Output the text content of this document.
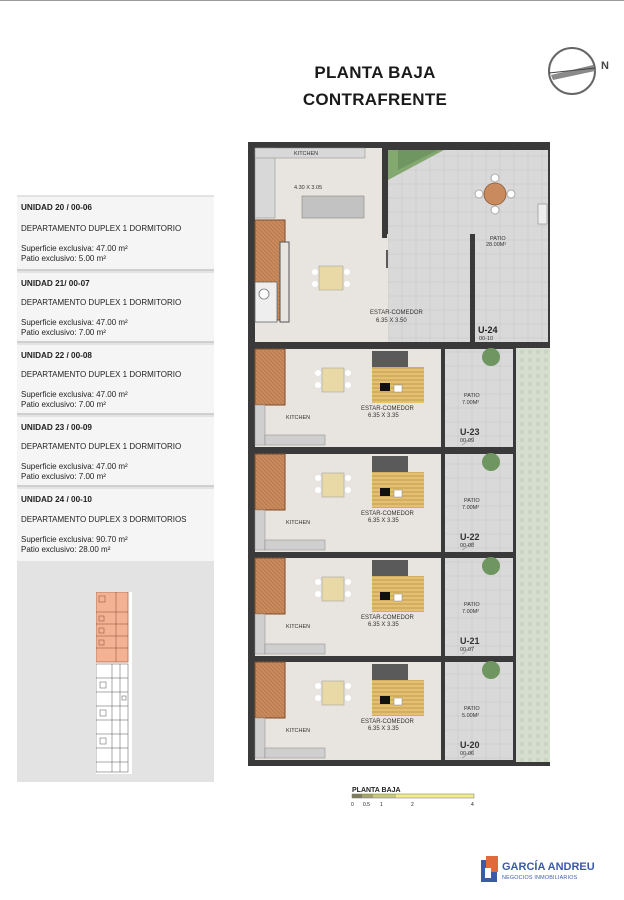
PLANTA BAJA
CONTRAFRENTE
N
UNIDAD 20 / 00-06
DEPARTAMENTO DUPLEX 1 DORMITORIO
Superficie exclusiva: 47.00 m²
Patio exclusivo: 5.00 m²
UNIDAD 21/ 00-07
DEPARTAMENTO DUPLEX 1 DORMITORIO
Superficie exclusiva: 47.00 m²
Patio exclusivo: 7.00 m²
UNIDAD 22 / 00-08
DEPARTAMENTO DUPLEX 1 DORMITORIO
Superficie exclusiva: 47.00 m²
Patio exclusivo: 7.00 m²
UNIDAD 23 / 00-09
DEPARTAMENTO DUPLEX 1 DORMITORIO
Superficie exclusiva: 47.00 m²
Patio exclusivo: 7.00 m²
UNIDAD 24 / 00-10
DEPARTAMENTO DUPLEX 3 DORMITORIOS
Superficie exclusiva: 90.70 m²
Patio exclusivo: 28.00 m²
KITCHEN
ESTAR-COMEDOR
6.35 X 3.35
PATIO
7.00M²
U-23
00-09
KITCHEN
ESTAR-COMEDOR
6.35 X 3.35
PATIO
7.00M²
U-22
00-08
KITCHEN
ESTAR-COMEDOR
6.35 X 3.35
PATIO
7.00M²
U-21
00-07
KITCHEN
ESTAR-COMEDOR
6.35 X 3.35
PATIO
5.00M²
U-20
00-06
KITCHEN
4.30 X 3.05
PATIO
28.00M²
ESTAR-COMEDOR
6.35 X 3.50
U-24
00-10
PLANTA BAJA
0 0.5 1	2	4
GARCÍA ANDREU
NEGOCIOS INMOBILIARIOS
